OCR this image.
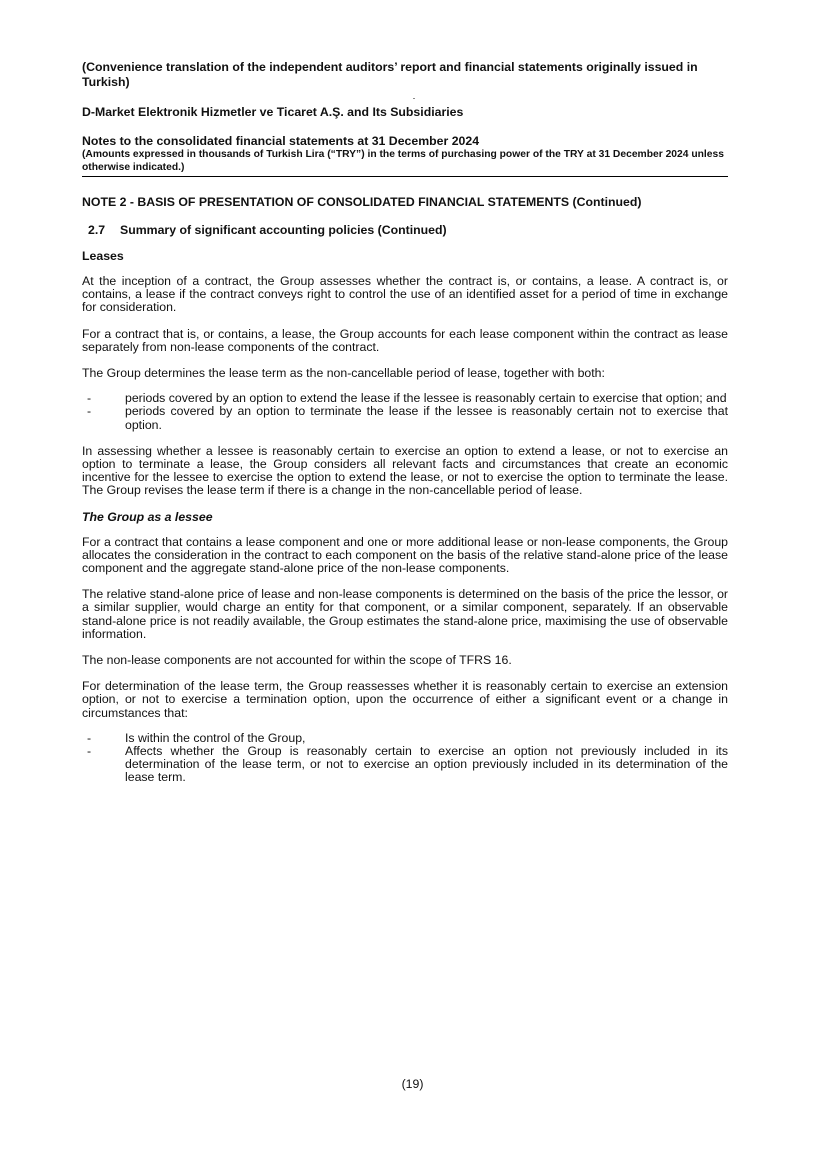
(Convenience translation of the independent auditors’ report and financial statements originally issued in Turkish)

D-Market Elektronik Hizmetler ve Ticaret A.Ş. and Its Subsidiaries

Notes to the consolidated financial statements at 31 December 2024

(Amounts expressed in thousands of Turkish Lira (“TRY”) in the terms of purchasing power of the TRY at 31 December 2024 unless otherwise indicated.)

NOTE 2 - BASIS OF PRESENTATION OF CONSOLIDATED FINANCIAL STATEMENTS (Continued)

2.7 Summary of significant accounting policies (Continued)

Leases

At the inception of a contract, the Group assesses whether the contract is, or contains, a lease. A contract is, or contains, a lease if the contract conveys right to control the use of an identified asset for a period of time in exchange for consideration.

For a contract that is, or contains, a lease, the Group accounts for each lease component within the contract as lease separately from non-lease components of the contract.

The Group determines the lease term as the non-cancellable period of lease, together with both:

-	periods covered by an option to extend the lease if the lessee is reasonably certain to exercise that option; and
-	periods covered by an option to terminate the lease if the lessee is reasonably certain not to exercise that option.

In assessing whether a lessee is reasonably certain to exercise an option to extend a lease, or not to exercise an option to terminate a lease, the Group considers all relevant facts and circumstances that create an economic incentive for the lessee to exercise the option to extend the lease, or not to exercise the option to terminate the lease. The Group revises the lease term if there is a change in the non-cancellable period of lease.

The Group as a lessee

For a contract that contains a lease component and one or more additional lease or non-lease components, the Group allocates the consideration in the contract to each component on the basis of the relative stand-alone price of the lease component and the aggregate stand-alone price of the non-lease components.

The relative stand-alone price of lease and non-lease components is determined on the basis of the price the lessor, or a similar supplier, would charge an entity for that component, or a similar component, separately. If an observable stand-alone price is not readily available, the Group estimates the stand-alone price, maximising the use of observable information.

The non-lease components are not accounted for within the scope of TFRS 16.

For determination of the lease term, the Group reassesses whether it is reasonably certain to exercise an extension option, or not to exercise a termination option, upon the occurrence of either a significant event or a change in circumstances that:

-	Is within the control of the Group,
-	Affects whether the Group is reasonably certain to exercise an option not previously included in its determination of the lease term, or not to exercise an option previously included in its determination of the lease term.
(19)
